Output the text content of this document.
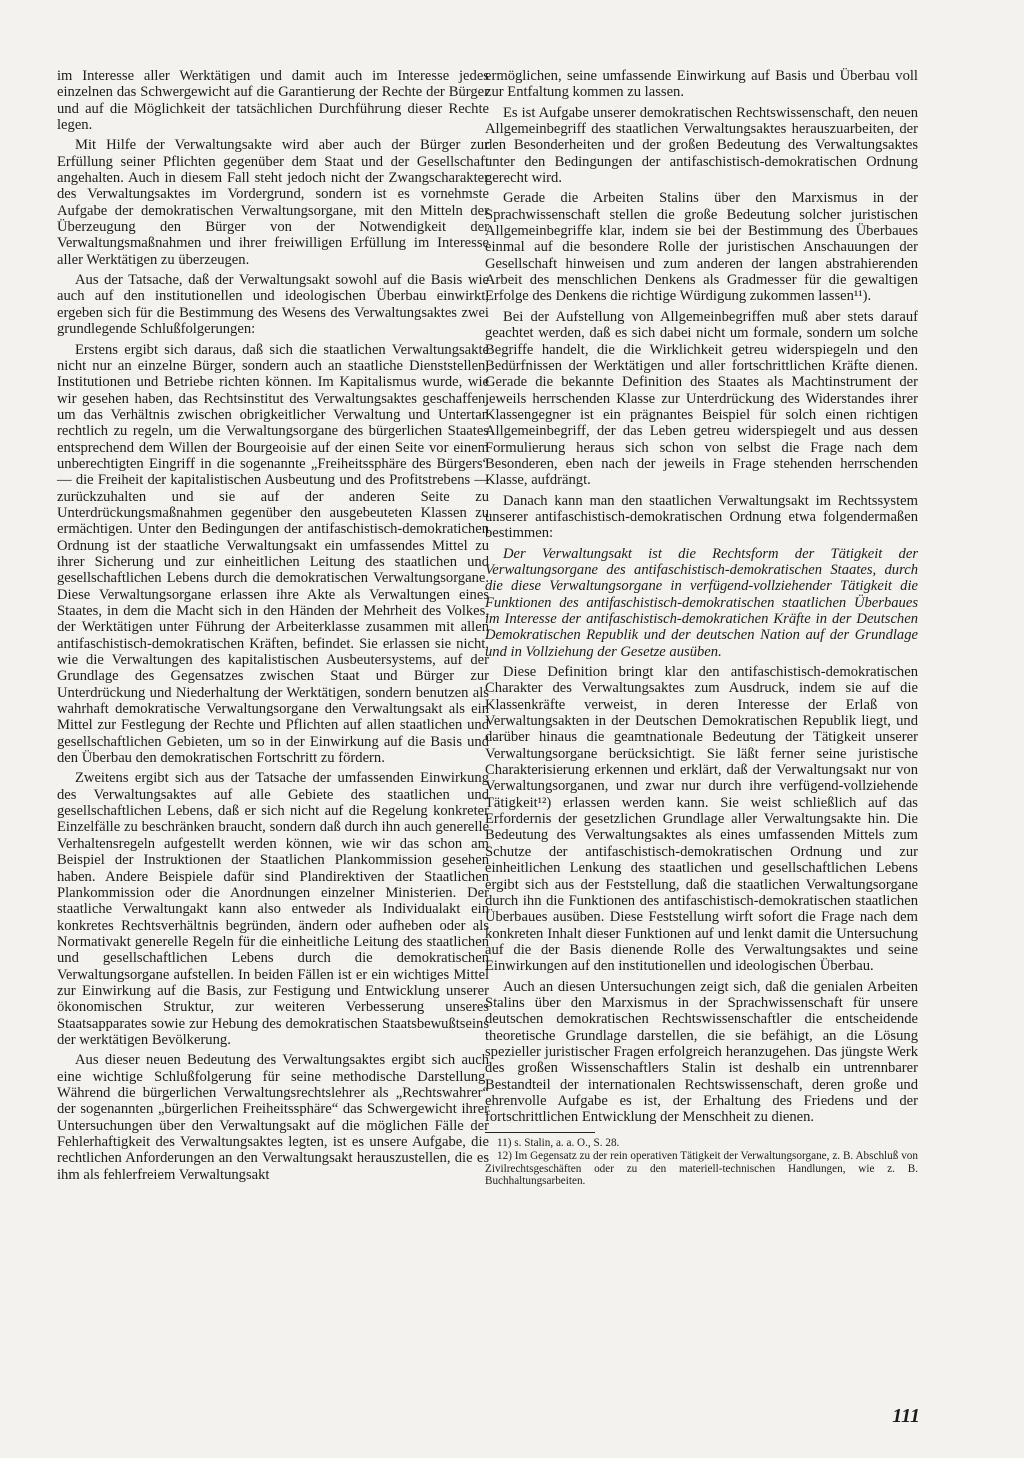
im Interesse aller Werktätigen und damit auch im Interesse jedes einzelnen das Schwergewicht auf die Garantierung der Rechte der Bürger und auf die Möglichkeit der tatsächlichen Durchführung dieser Rechte legen.

Mit Hilfe der Verwaltungsakte wird aber auch der Bürger zur Erfüllung seiner Pflichten gegenüber dem Staat und der Gesellschaft angehalten. Auch in diesem Fall steht jedoch nicht der Zwangscharakter des Verwaltungsaktes im Vordergrund, sondern ist es vornehmste Aufgabe der demokratischen Verwaltungsorgane, mit den Mitteln der Überzeugung den Bürger von der Notwendigkeit der Verwaltungsmaßnahmen und ihrer freiwilligen Erfüllung im Interesse aller Werktätigen zu überzeugen.

Aus der Tatsache, daß der Verwaltungsakt sowohl auf die Basis wie auch auf den institutionellen und ideologischen Überbau einwirkt, ergeben sich für die Bestimmung des Wesens des Verwaltungsaktes zwei grundlegende Schlußfolgerungen:

Erstens ergibt sich daraus, daß sich die staatlichen Verwaltungsakte nicht nur an einzelne Bürger, sondern auch an staatliche Dienststellen, Institutionen und Betriebe richten können. Im Kapitalismus wurde, wie wir gesehen haben, das Rechtsinstitut des Verwaltungsaktes geschaffen, um das Verhältnis zwischen obrigkeitlicher Verwaltung und Untertan rechtlich zu regeln, um die Verwaltungsorgane des bürgerlichen Staates entsprechend dem Willen der Bourgeoisie auf der einen Seite vor einem unberechtigten Eingriff in die sogenannte „Freiheitssphäre des Bürgers“ — die Freiheit der kapitalistischen Ausbeutung und des Profitstrebens — zurückzuhalten und sie auf der anderen Seite zu Unterdrückungsmaßnahmen gegenüber den ausgebeuteten Klassen zu ermächtigen. Unter den Bedingungen der antifaschistisch-demokratichen Ordnung ist der staatliche Verwaltungsakt ein umfassendes Mittel zu ihrer Sicherung und zur einheitlichen Leitung des staatlichen und gesellschaftlichen Lebens durch die demokratischen Verwaltungsorgane. Diese Verwaltungsorgane erlassen ihre Akte als Verwaltungen eines Staates, in dem die Macht sich in den Händen der Mehrheit des Volkes, der Werktätigen unter Führung der Arbeiterklasse zusammen mit allen antifaschistisch-demokratischen Kräften, befindet. Sie erlassen sie nicht, wie die Verwaltungen des kapitalistischen Ausbeutersystems, auf der Grundlage des Gegensatzes zwischen Staat und Bürger zur Unterdrückung und Niederhaltung der Werktätigen, sondern benutzen als wahrhaft demokratische Verwaltungsorgane den Verwaltungsakt als ein Mittel zur Festlegung der Rechte und Pflichten auf allen staatlichen und gesellschaftlichen Gebieten, um so in der Einwirkung auf die Basis und den Überbau den demokratischen Fortschritt zu fördern.

Zweitens ergibt sich aus der Tatsache der umfassenden Einwirkung des Verwaltungsaktes auf alle Gebiete des staatlichen und gesellschaftlichen Lebens, daß er sich nicht auf die Regelung konkreter Einzelfälle zu beschränken braucht, sondern daß durch ihn auch generelle Verhaltensregeln aufgestellt werden können, wie wir das schon am Beispiel der Instruktionen der Staatlichen Plankommission gesehen haben. Andere Beispiele dafür sind Plandirektiven der Staatlichen Plankommission oder die Anordnungen einzelner Ministerien. Der staatliche Verwaltungakt kann also entweder als Individualakt ein konkretes Rechtsverhältnis begründen, ändern oder aufheben oder als Normativakt generelle Regeln für die einheitliche Leitung des staatlichen und gesellschaftlichen Lebens durch die demokratischen Verwaltungsorgane aufstellen. In beiden Fällen ist er ein wichtiges Mittel zur Einwirkung auf die Basis, zur Festigung und Entwicklung unserer ökonomischen Struktur, zur weiteren Verbesserung unseres Staatsapparates sowie zur Hebung des demokratischen Staatsbewußtseins der werktätigen Bevölkerung.

Aus dieser neuen Bedeutung des Verwaltungsaktes ergibt sich auch eine wichtige Schlußfolgerung für seine methodische Darstellung. Während die bürgerlichen Verwaltungsrechtslehrer als „Rechtswahrer“ der sogenannten „bürgerlichen Freiheitssphäre“ das Schwergewicht ihrer Untersuchungen über den Verwaltungsakt auf die möglichen Fälle der Fehlerhaftigkeit des Verwaltungsaktes legten, ist es unsere Aufgabe, die rechtlichen Anforderungen an den Verwaltungsakt herauszustellen, die es ihm als fehlerfreiem Verwaltungsakt

ermöglichen, seine umfassende Einwirkung auf Basis und Überbau voll zur Entfaltung kommen zu lassen.

Es ist Aufgabe unserer demokratischen Rechtswissenschaft, den neuen Allgemeinbegriff des staatlichen Verwaltungsaktes herauszuarbeiten, der den Besonderheiten und der großen Bedeutung des Verwaltungsaktes unter den Bedingungen der antifaschistisch-demokratischen Ordnung gerecht wird.

Gerade die Arbeiten Stalins über den Marxismus in der Sprachwissenschaft stellen die große Bedeutung solcher juristischen Allgemeinbegriffe klar, indem sie bei der Bestimmung des Überbaues einmal auf die besondere Rolle der juristischen Anschauungen der Gesellschaft hinweisen und zum anderen der langen abstrahierenden Arbeit des menschlichen Denkens als Gradmesser für die gewaltigen Erfolge des Denkens die richtige Würdigung zukommen lassen¹¹).

Bei der Aufstellung von Allgemeinbegriffen muß aber stets darauf geachtet werden, daß es sich dabei nicht um formale, sondern um solche Begriffe handelt, die die Wirklichkeit getreu widerspiegeln und den Bedürfnissen der Werktätigen und aller fortschrittlichen Kräfte dienen. Gerade die bekannte Definition des Staates als Machtinstrument der jeweils herrschenden Klasse zur Unterdrückung des Widerstandes ihrer Klassengegner ist ein prägnantes Beispiel für solch einen richtigen Allgemeinbegriff, der das Leben getreu widerspiegelt und aus dessen Formulierung heraus sich schon von selbst die Frage nach dem Besonderen, eben nach der jeweils in Frage stehenden herrschenden Klasse, aufdrängt.

Danach kann man den staatlichen Verwaltungsakt im Rechtssystem unserer antifaschistisch-demokratischen Ordnung etwa folgendermaßen bestimmen:

Der Verwaltungsakt ist die Rechtsform der Tätigkeit der Verwaltungsorgane des antifaschistisch-demokratischen Staates, durch die diese Verwaltungsorgane in verfügend-vollziehender Tätigkeit die Funktionen des antifaschistisch-demokratischen staatlichen Überbaues im Interesse der antifaschistisch-demokratichen Kräfte in der Deutschen Demokratischen Republik und der deutschen Nation auf der Grundlage und in Vollziehung der Gesetze ausüben.

Diese Definition bringt klar den antifaschistisch-demokratischen Charakter des Verwaltungsaktes zum Ausdruck, indem sie auf die Klassenkräfte verweist, in deren Interesse der Erlaß von Verwaltungsakten in der Deutschen Demokratischen Republik liegt, und darüber hinaus die geamtnationale Bedeutung der Tätigkeit unserer Verwaltungsorgane berücksichtigt. Sie läßt ferner seine juristische Charakterisierung erkennen und erklärt, daß der Verwaltungsakt nur von Verwaltungsorganen, und zwar nur durch ihre verfügend-vollziehende Tätigkeit¹²) erlassen werden kann. Sie weist schließlich auf das Erfordernis der gesetzlichen Grundlage aller Verwaltungsakte hin. Die Bedeutung des Verwaltungsaktes als eines umfassenden Mittels zum Schutze der antifaschistisch-demokratischen Ordnung und zur einheitlichen Lenkung des staatlichen und gesellschaftlichen Lebens ergibt sich aus der Feststellung, daß die staatlichen Verwaltungsorgane durch ihn die Funktionen des antifaschistisch-demokratischen staatlichen Überbaues ausüben. Diese Feststellung wirft sofort die Frage nach dem konkreten Inhalt dieser Funktionen auf und lenkt damit die Untersuchung auf die der Basis dienende Rolle des Verwaltungsaktes und seine Einwirkungen auf den institutionellen und ideologischen Überbau.

Auch an diesen Untersuchungen zeigt sich, daß die genialen Arbeiten Stalins über den Marxismus in der Sprachwissenschaft für unsere deutschen demokratischen Rechtswissenschaftler die entscheidende theoretische Grundlage darstellen, die sie befähigt, an die Lösung spezieller juristischer Fragen erfolgreich heranzugehen. Das jüngste Werk des großen Wissenschaftlers Stalin ist deshalb ein untrennbarer Bestandteil der internationalen Rechtswissenschaft, deren große und ehrenvolle Aufgabe es ist, der Erhaltung des Friedens und der fortschrittlichen Entwicklung der Menschheit zu dienen.

11) s. Stalin, a. a. O., S. 28.

12) Im Gegensatz zu der rein operativen Tätigkeit der Verwaltungsorgane, z. B. Abschluß von Zivilrechtsgeschäften oder zu den materiell-technischen Handlungen, wie z. B. Buchhaltungsarbeiten.

111
